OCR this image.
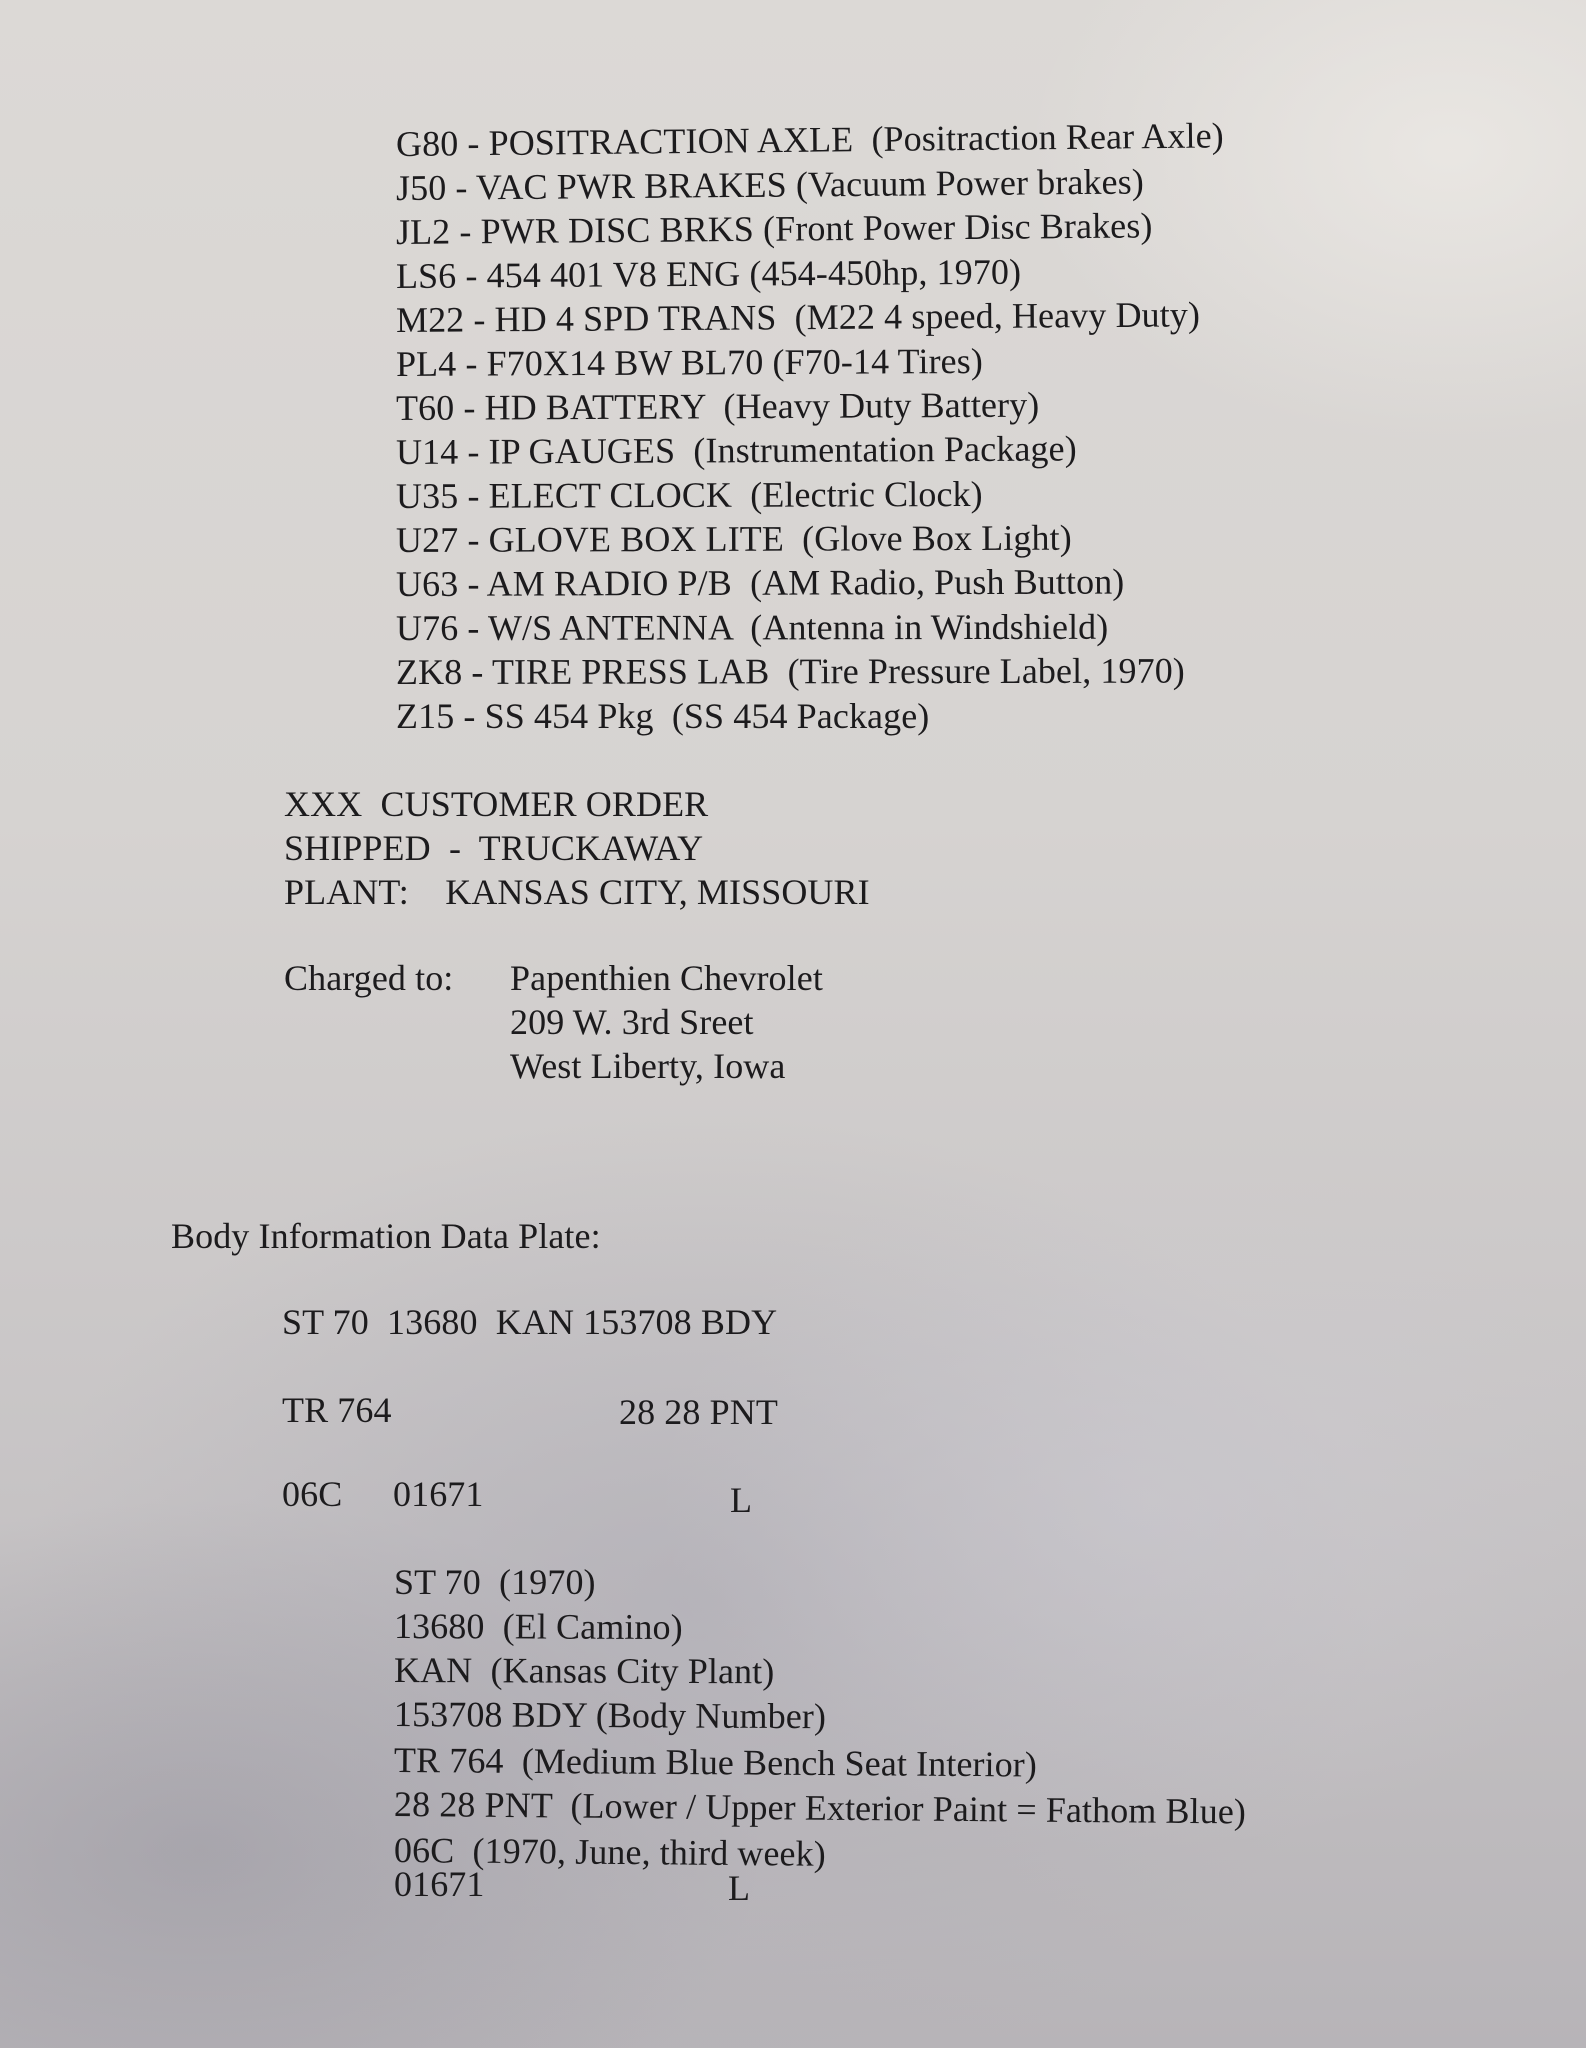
G80 - POSITRACTION AXLE  (Positraction Rear Axle)
J50 - VAC PWR BRAKES (Vacuum Power brakes)
JL2 - PWR DISC BRKS (Front Power Disc Brakes)
LS6 - 454 401 V8 ENG (454-450hp, 1970)
M22 - HD 4 SPD TRANS  (M22 4 speed, Heavy Duty)
PL4 - F70X14 BW BL70 (F70-14 Tires)
T60 - HD BATTERY  (Heavy Duty Battery)
U14 - IP GAUGES  (Instrumentation Package)
U35 - ELECT CLOCK  (Electric Clock)
U27 - GLOVE BOX LITE  (Glove Box Light)
U63 - AM RADIO P/B  (AM Radio, Push Button)
U76 - W/S ANTENNA  (Antenna in Windshield)
ZK8 - TIRE PRESS LAB  (Tire Pressure Label, 1970)
Z15 - SS 454 Pkg  (SS 454 Package)
XXX  CUSTOMER ORDER
SHIPPED  -  TRUCKAWAY
PLANT:    KANSAS CITY, MISSOURI
Charged to: Papenthien Chevrolet
209 W. 3rd Sreet
West Liberty, Iowa
Body Information Data Plate:
ST 70  13680  KAN 153708 BDY
TR 764	28 28 PNT
06C 01671	L
ST 70  (1970)
13680  (El Camino)
KAN  (Kansas City Plant)
153708 BDY (Body Number)
TR 764  (Medium Blue Bench Seat Interior)
28 28 PNT  (Lower / Upper Exterior Paint = Fathom Blue)
06C  (1970, June, third week)
01671	L
